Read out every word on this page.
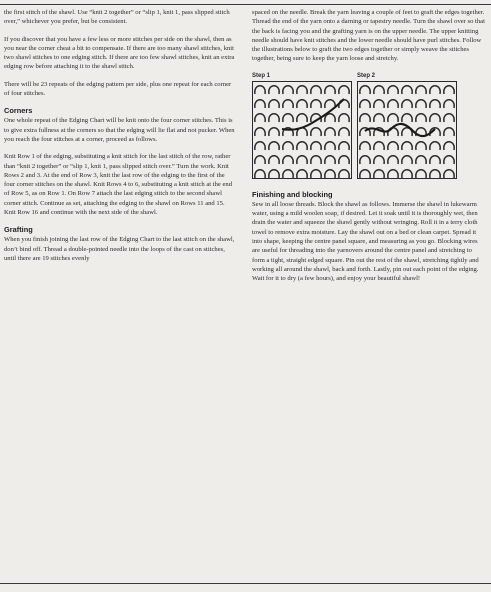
the first stitch of the shawl. Use “knit 2 together” or “slip 1, knit 1, pass slipped stitch over,” whichever you prefer, but be consistent.

If you discover that you have a few less or more stitches per side on the shawl, then as you near the corner cheat a bit to compensate. If there are too many shawl stitches, knit two shawl stitches to one edging stitch. If there are too few shawl stitches, knit an extra edging row before attaching it to the shawl stitch.

There will be 23 repeats of the edging pattern per side, plus one repeat for each corner of four stitches.

Corners

One whole repeat of the Edging Chart will be knit onto the four corner stitches. This is to give extra fullness at the corners so that the edging will lie flat and not pucker. When you reach the four stitches at a corner, proceed as follows.

Knit Row 1 of the edging, substituting a knit stitch for the last stitch of the row, rather than “knit 2 together” or “slip 1, knit 1, pass slipped stitch over.” Turn the work. Knit Rows 2 and 3. At the end of Row 3, knit the last row of the edging to the first of the four corner stitches on the shawl. Knit Rows 4 to 6, substituting a knit stitch at the end of Row 5, as on Row 1. On Row 7 attach the last edging stitch to the second shawl corner stitch. Continue as set, attaching the edging to the shawl on Rows 11 and 15. Knit Row 16 and continue with the next side of the shawl.

Grafting

When you finish joining the last row of the Edging Chart to the last stitch on the shawl, don’t bind off. Thread a double-pointed needle into the loops of the cast on stitches, until there are 19 stitches evenly

spaced on the needle. Break the yarn leaving a couple of feet to graft the edges together. Thread the end of the yarn onto a darning or tapestry needle. Turn the shawl over so that the back is facing you and the grafting yarn is on the upper needle. The upper knitting needle should have knit stitches and the lower needle should have purl stitches. Follow the illustrations below to graft the two edges together or simply weave the stitches together, being sure to keep the yarn loose and stretchy.

Step 1	Step 2
Finishing and blocking

Sew in all loose threads. Block the shawl as follows. Immerse the shawl in lukewarm water, using a mild woolen soap, if desired. Let it soak until it is thoroughly wet, then drain the water and squeeze the shawl gently without wringing. Roll it in a terry cloth towel to remove extra moisture. Lay the shawl out on a bed or clean carpet. Spread it into shape, keeping the centre panel square, and measuring as you go. Blocking wires are useful for threading into the yarnovers around the centre panel and stretching to form a tight, straight edged square. Pin out the rest of the shawl, stretching tightly and working all around the shawl, back and forth. Lastly, pin out each point of the edging. Wait for it to dry (a few hours), and enjoy your beautiful shawl!
